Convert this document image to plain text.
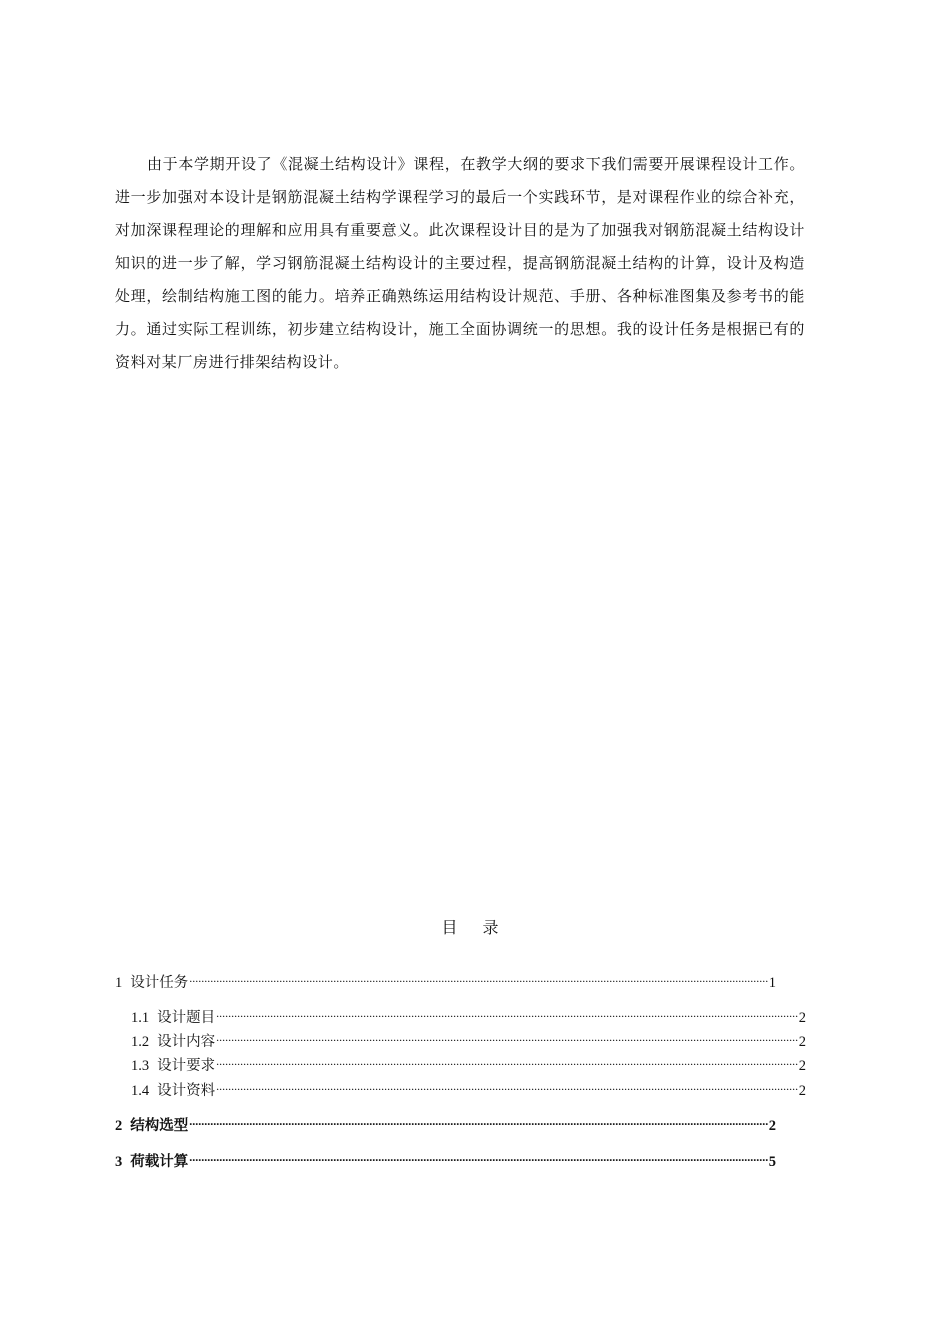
由于本学期开设了《混凝土结构设计》课程，在教学大纲的要求下我们需要开展课程设计工作。进一步加强对本设计是钢筋混凝土结构学课程学习的最后一个实践环节，是对课程作业的综合补充，对加深课程理论的理解和应用具有重要意义。此次课程设计目的是为了加强我对钢筋混凝土结构设计知识的进一步了解，学习钢筋混凝土结构设计的主要过程，提高钢筋混凝土结构的计算，设计及构造处理，绘制结构施工图的能力。培养正确熟练运用结构设计规范、手册、各种标准图集及参考书的能力。通过实际工程训练，初步建立结构设计，施工全面协调统一的思想。我的设计任务是根据已有的资料对某厂房进行排架结构设计。

目 录
1 设计任务 .....	1
1.1 设计题目 .....	2
1.2 设计内容 .....	2
1.3 设计要求 .....	2
1.4 设计资料 .....	2
2 结构选型 .....	2
3 荷载计算 .....	5
